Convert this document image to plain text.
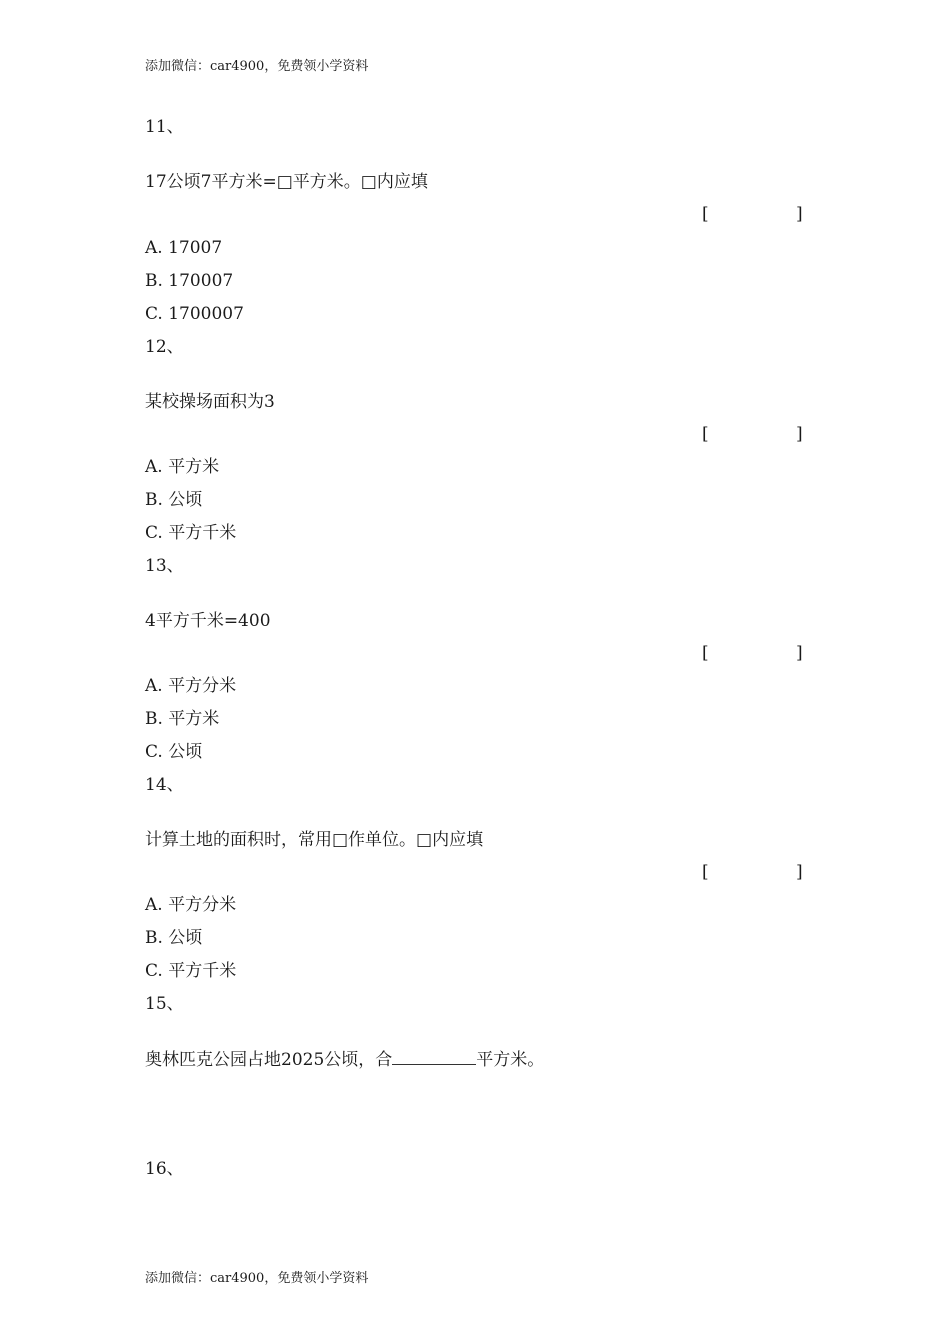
添加微信：car4900，免费领小学资料
11、
17公顷7平方米=□平方米。□内应填
[	]
A. 17007
B. 170007
C. 1700007
12、
某校操场面积为3
[	]
A. 平方米
B. 公顷
C. 平方千米
13、
4平方千米=400
[	]
A. 平方分米
B. 平方米
C. 公顷
14、
计算土地的面积时，常用□作单位。□内应填
[	]
A. 平方分米
B. 公顷
C. 平方千米
15、
奥林匹克公园占地2025公顷，合	平方米。
16、
添加微信：car4900，免费领小学资料
